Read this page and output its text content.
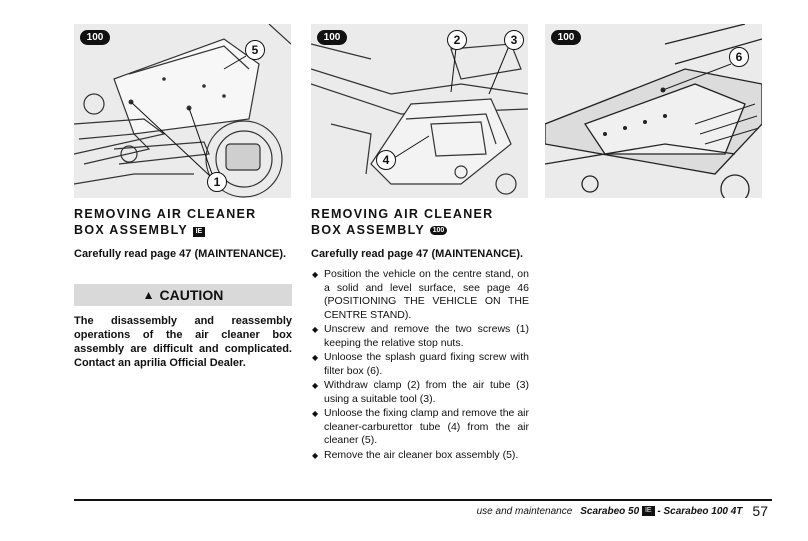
100
5
1
100	2	3
4
100
6
REMOVING AIR CLEANER BOX ASSEMBLY IE

Carefully read page 47 (MAINTENANCE).

▲ CAUTION
The disassembly and reassembly operations of the air cleaner box assembly are difficult and complicated. Contact an aprilia Official Dealer.
REMOVING AIR CLEANER BOX ASSEMBLY 100

Carefully read page 47 (MAINTENANCE).

◆ Position the vehicle on the centre stand, on a solid and level surface, see page 46 (POSITIONING THE VEHICLE ON THE CENTRE STAND).
◆ Unscrew and remove the two screws (1) keeping the relative stop nuts.
◆ Unloose the splash guard fixing screw with filter box (6).
◆ Withdraw clamp (2) from the air tube (3) using a suitable tool (3).
◆ Unloose the fixing clamp and remove the air cleaner-carburettor tube (4) from the air cleaner (5).
◆ Remove the air cleaner box assembly (5).
use and maintenance Scarabeo 50
IE
- Scarabeo 100 4T 57
